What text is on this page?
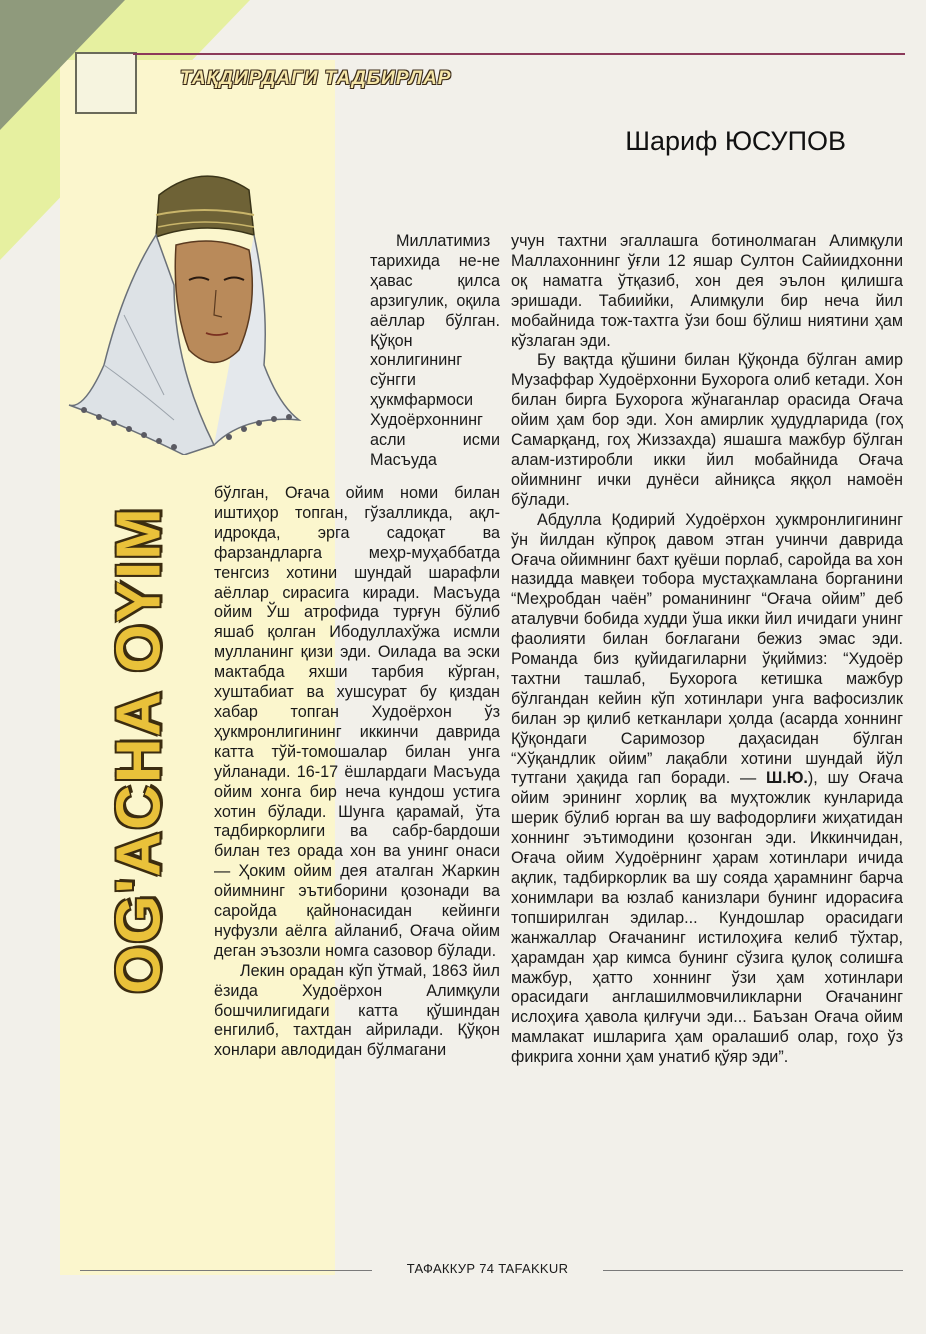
ТАҚДИРДАГИ ТАДБИРЛАР
Шариф ЮСУПОВ
OG'ACHA OYIM

Миллатимиз тарихида не-не ҳавас қилса арзигулик, оқила аёллар бўлган. Қўқон хонлигининг сўнгги ҳукмфармоси Худоёрхоннинг асли исми Масъуда

бўлган, Оғача ойим номи билан иштиҳор топган, гўзалликда, ақл-идрокда, эрга садоқат ва фарзандларга меҳр-муҳаббатда тенгсиз хотини шундай шарафли аёллар сирасига киради. Масъуда ойим Ўш атрофида турғун бўлиб яшаб қолган Ибодуллахўжа исмли мулланинг қизи эди. Оилада ва эски мактабда яхши тарбия кўрган, хуштабиат ва хушсурат бу қиздан хабар топган Худоёрхон ўз ҳукмронлигининг иккинчи даврида катта тўй-томошалар билан унга уйланади. 16-17 ёшлардаги Масъуда ойим хонга бир неча кундош устига хотин бўлади. Шунга қарамай, ўта тадбиркорлиги ва сабр-бардоши билан тез орада хон ва унинг онаси — Ҳоким ойим дея аталган Жаркин ойимнинг эътиборини қозонади ва саройда қайнонасидан кейинги нуфузли аёлга айланиб, Оғача ойим деган эъзозли номга сазовор бўлади.

Лекин орадан кўп ўтмай, 1863 йил ёзида Худоёрхон Алимқули бошчилигидаги катта қўшиндан енгилиб, тахтдан айрилади. Қўқон хонлари авлодидан бўлмагани

учун тахтни эгаллашга ботинолмаган Алимқули Маллахоннинг ўғли 12 яшар Султон Сайиидхонни оқ наматга ўтқазиб, хон дея эълон қилишга эришади. Табиийки, Алимқули бир неча йил мобайнида тож-тахтга ўзи бош бўлиш ниятини ҳам кўзлаган эди.

Бу вақтда қўшини билан Қўқонда бўлган амир Музаффар Худоёрхонни Бухорога олиб кетади. Хон билан бирга Бухорога жўнаганлар орасида Оғача ойим ҳам бор эди. Хон амирлик ҳудудларида (гоҳ Самарқанд, гоҳ Жиззахда) яшашга мажбур бўлган алам-изтиробли икки йил мобайнида Оғача ойимнинг ички дунёси айниқса яққол намоён бўлади.

Абдулла Қодирий Худоёрхон ҳукмронлигининг ўн йилдан кўпроқ давом этган учинчи даврида Оғача ойимнинг бахт қуёши порлаб, саройда ва хон назидда мавқеи тобора мустаҳкамлана борганини “Меҳробдан чаён” романининг “Оғача ойим” деб аталувчи бобида худди ўша икки йил ичидаги унинг фаолияти билан боғлагани бежиз эмас эди. Романда биз қуйидагиларни ўқиймиз: “Худоёр тахтни ташлаб, Бухорога кетишка мажбур бўлгандан кейин кўп хотинлари унга вафосизлик билан эр қилиб кетканлари ҳолда (асарда хоннинг Қўқондаги Саримозор даҳасидан бўлган “Хўқандлик ойим” лақабли хотини шундай йўл тутгани ҳақида гап боради. — Ш.Ю.), шу Оғача ойим эрининг хорлиқ ва муҳтожлик кунларида шерик бўлиб юрган ва шу вафодорлиғи жиҳатидан хоннинг эътимодини қозонган эди. Иккинчидан, Оғача ойим Худоёрнинг ҳарам хотинлари ичида ақлик, тадбиркорлик ва шу сояда ҳарамнинг барча хонимлари ва юзлаб канизлари бунинг идорасиға топширилган эдилар... Кундошлар орасидаги жанжаллар Оғачанинг истилоҳиға келиб тўхтар, ҳарамдан ҳар кимса бунинг сўзига қулоқ солишға мажбур, ҳатто хоннинг ўзи ҳам хотинлари орасидаги англашилмовчиликларни Оғачанинг ислоҳиға ҳавола қилғучи эди... Баъзан Оғача ойим мамлакат ишларига ҳам оралашиб олар, гоҳо ўз фикрига хонни ҳам унатиб қўяр эди”.

ТАФАККУР 74 TAFAKKUR
